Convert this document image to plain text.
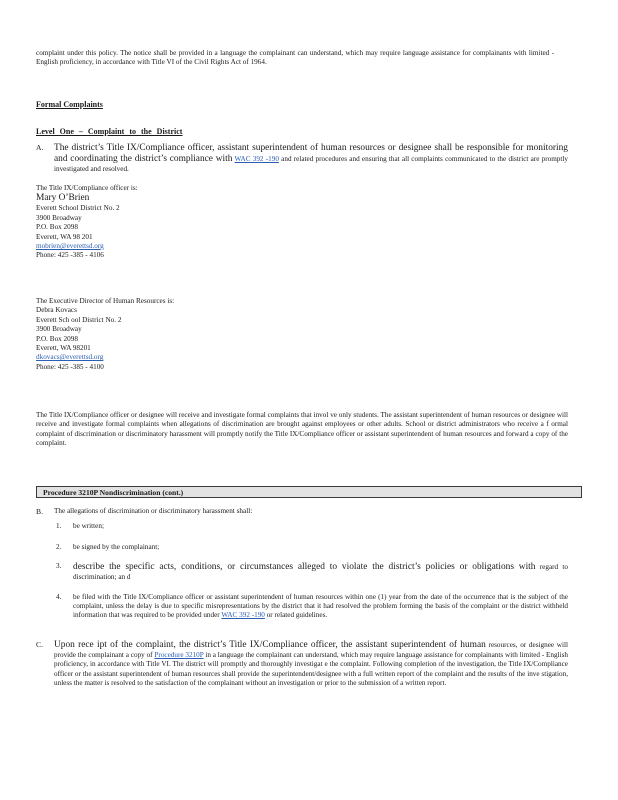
complaint under this policy. The notice shall be provided in a language the complainant can understand, which may require language assistance for complainants with limited - English proficiency, in accordance with Title VI of the Civil Rights Act of 1964.

Formal Complaints
Level One – Complaint to the District
A. The district’s Title IX/Compliance officer, assistant superintendent of human resources or designee shall be responsible for monitoring and coordinating the district’s compliance with WAC 392 -190 and related procedures and ensuring that all complaints communicated to the district are promptly investigated and resolved.

The Title IX/Compliance officer is:
Mary O’Brien
Everett School District No. 2
3900 Broadway
P.O. Box 2098
Everett, WA 98 201
mobrien@everettsd.org
Phone: 425 -385 - 4106
The Executive Director of Human Resources is:
Debra Kovacs
Everett Sch ool District No. 2
3900 Broadway
P.O. Box 2098
Everett, WA 98201
dkovacs@everettsd.org
Phone: 425 -385 - 4100

The Title IX/Compliance officer or designee will receive and investigate formal complaints that invol ve only students. The assistant superintendent of human resources or designee will receive and investigate formal complaints when allegations of discrimination are brought against employees or other adults. School or district administrators who receive a f ormal complaint of discrimination or discriminatory harassment will promptly notify the Title IX/Compliance officer or assistant superintendent of human resources and forward a copy of the complaint.

Procedure 3210P Nondiscrimination (cont.)
B. The allegations of discrimination or discriminatory harassment shall:

1. be written;
2. be signed by the complainant;
3. describe the specific acts, conditions, or circumstances alleged to violate the district’s policies or obligations with regard to discrimination; an d
4. be filed with the Title IX/Compliance officer or assistant superintendent of human resources within one (1) year from the date of the occurrence that is the subject of the complaint, unless the delay is due to specific misrepresentations by the district that it had resolved the problem forming the basis of the complaint or the district withheld information that was required to be provided under WAC 392 -190 or related guidelines.
C. Upon rece ipt of the complaint, the district’s Title IX/Compliance officer, the assistant superintendent of human resources, or designee will provide the complainant a copy of Procedure 3210P in a language the complainant can understand, which may require language assistance for complainants with limited - English proficiency, in accordance with Title VI. The district will promptly and thoroughly investigat e the complaint. Following completion of the investigation, the Title IX/Compliance officer or the assistant superintendent of human resources shall provide the superintendent/designee with a full written report of the complaint and the results of the inve stigation, unless the matter is resolved to the satisfaction of the complainant without an investigation or prior to the submission of a written report.
